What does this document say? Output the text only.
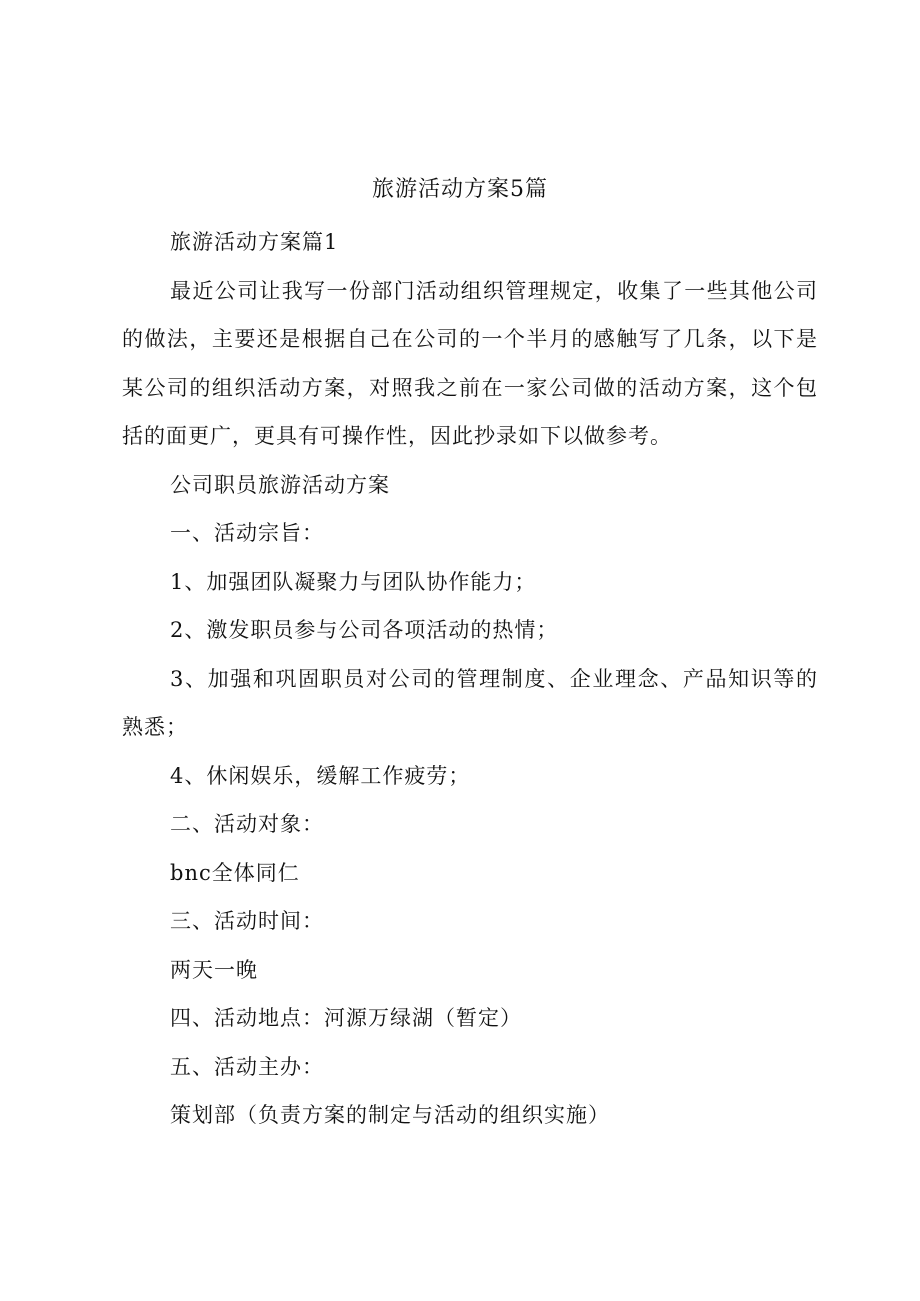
旅游活动方案5篇

旅游活动方案篇1

最近公司让我写一份部门活动组织管理规定，收集了一些其他公司的做法，主要还是根据自己在公司的一个半月的感触写了几条，以下是某公司的组织活动方案，对照我之前在一家公司做的活动方案，这个包括的面更广，更具有可操作性，因此抄录如下以做参考。

公司职员旅游活动方案

一、活动宗旨：

1、加强团队凝聚力与团队协作能力；

2、激发职员参与公司各项活动的热情；

3、加强和巩固职员对公司的管理制度、企业理念、产品知识等的熟悉；

4、休闲娱乐，缓解工作疲劳；

二、活动对象：

bnc全体同仁

三、活动时间：

两天一晚

四、活动地点：河源万绿湖（暂定）

五、活动主办：

策划部（负责方案的制定与活动的组织实施）
